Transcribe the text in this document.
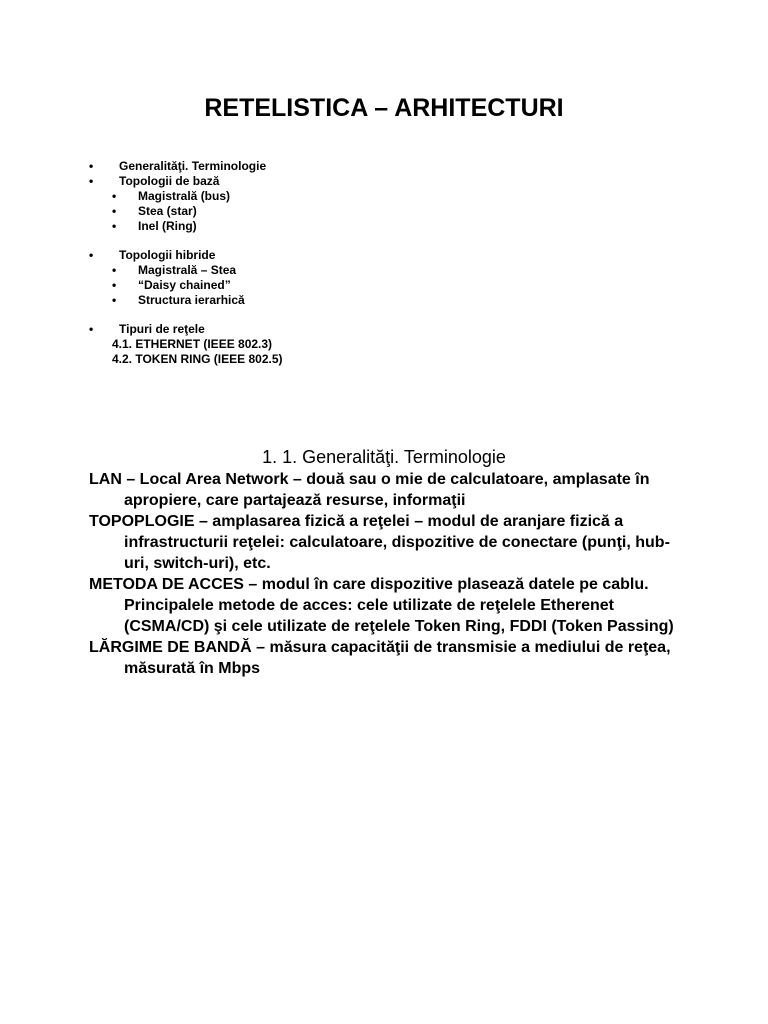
RETELISTICA – ARHITECTURI
• Generalităţi. Terminologie
• Topologii de bază
• Magistrală (bus)
• Stea (star)
• Inel (Ring)
• Topologii hibride
• Magistrală – Stea
• “Daisy chained”
• Structura ierarhică
• Tipuri de reţele
4.1. ETHERNET (IEEE 802.3)
4.2. TOKEN RING (IEEE 802.5)
1. 1. Generalităţi. Terminologie

LAN – Local Area Network – două sau o mie de calculatoare, amplasate în apropiere, care partajează resurse, informaţii

TOPOPLOGIE – amplasarea fizică a reţelei – modul de aranjare fizică a infrastructurii reţelei: calculatoare, dispozitive de conectare (punţi, hub-uri, switch-uri), etc.

METODA DE ACCES – modul în care dispozitive plasează datele pe cablu. Principalele metode de acces: cele utilizate de reţelele Etherenet (CSMA/CD) şi cele utilizate de reţelele Token Ring, FDDI (Token Passing)

LĂRGIME DE BANDĂ – măsura capacităţii de transmisie a mediului de reţea, măsurată în Mbps
